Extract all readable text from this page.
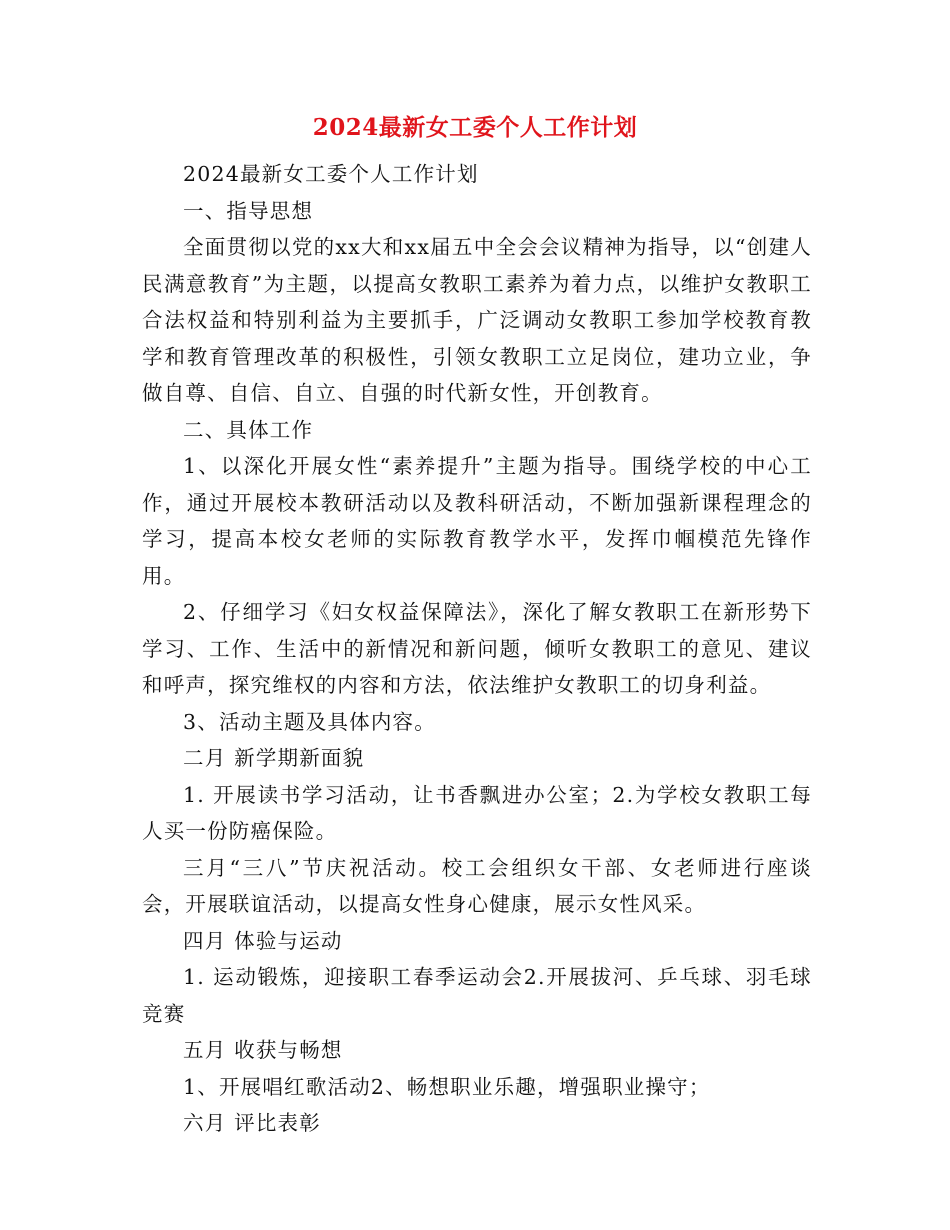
2024最新女工委个人工作计划

2024最新女工委个人工作计划

一、指导思想

全面贯彻以党的xx大和xx届五中全会会议精神为指导，以“创建人民满意教育”为主题，以提高女教职工素养为着力点，以维护女教职工合法权益和特别利益为主要抓手，广泛调动女教职工参加学校教育教学和教育管理改革的积极性，引领女教职工立足岗位，建功立业，争做自尊、自信、自立、自强的时代新女性，开创教育。

二、具体工作

1、以深化开展女性“素养提升”主题为指导。围绕学校的中心工作，通过开展校本教研活动以及教科研活动，不断加强新课程理念的学习，提高本校女老师的实际教育教学水平，发挥巾帼模范先锋作用。

2、仔细学习《妇女权益保障法》，深化了解女教职工在新形势下学习、工作、生活中的新情况和新问题，倾听女教职工的意见、建议和呼声，探究维权的内容和方法，依法维护女教职工的切身利益。

3、活动主题及具体内容。

二月 新学期新面貌

1. 开展读书学习活动，让书香飘进办公室；2.为学校女教职工每人买一份防癌保险。

三月“三八”节庆祝活动。校工会组织女干部、女老师进行座谈会，开展联谊活动，以提高女性身心健康，展示女性风采。

四月 体验与运动

1. 运动锻炼，迎接职工春季运动会2.开展拔河、乒乓球、羽毛球竞赛

五月 收获与畅想

1、开展唱红歌活动2、畅想职业乐趣，增强职业操守；

六月 评比表彰
